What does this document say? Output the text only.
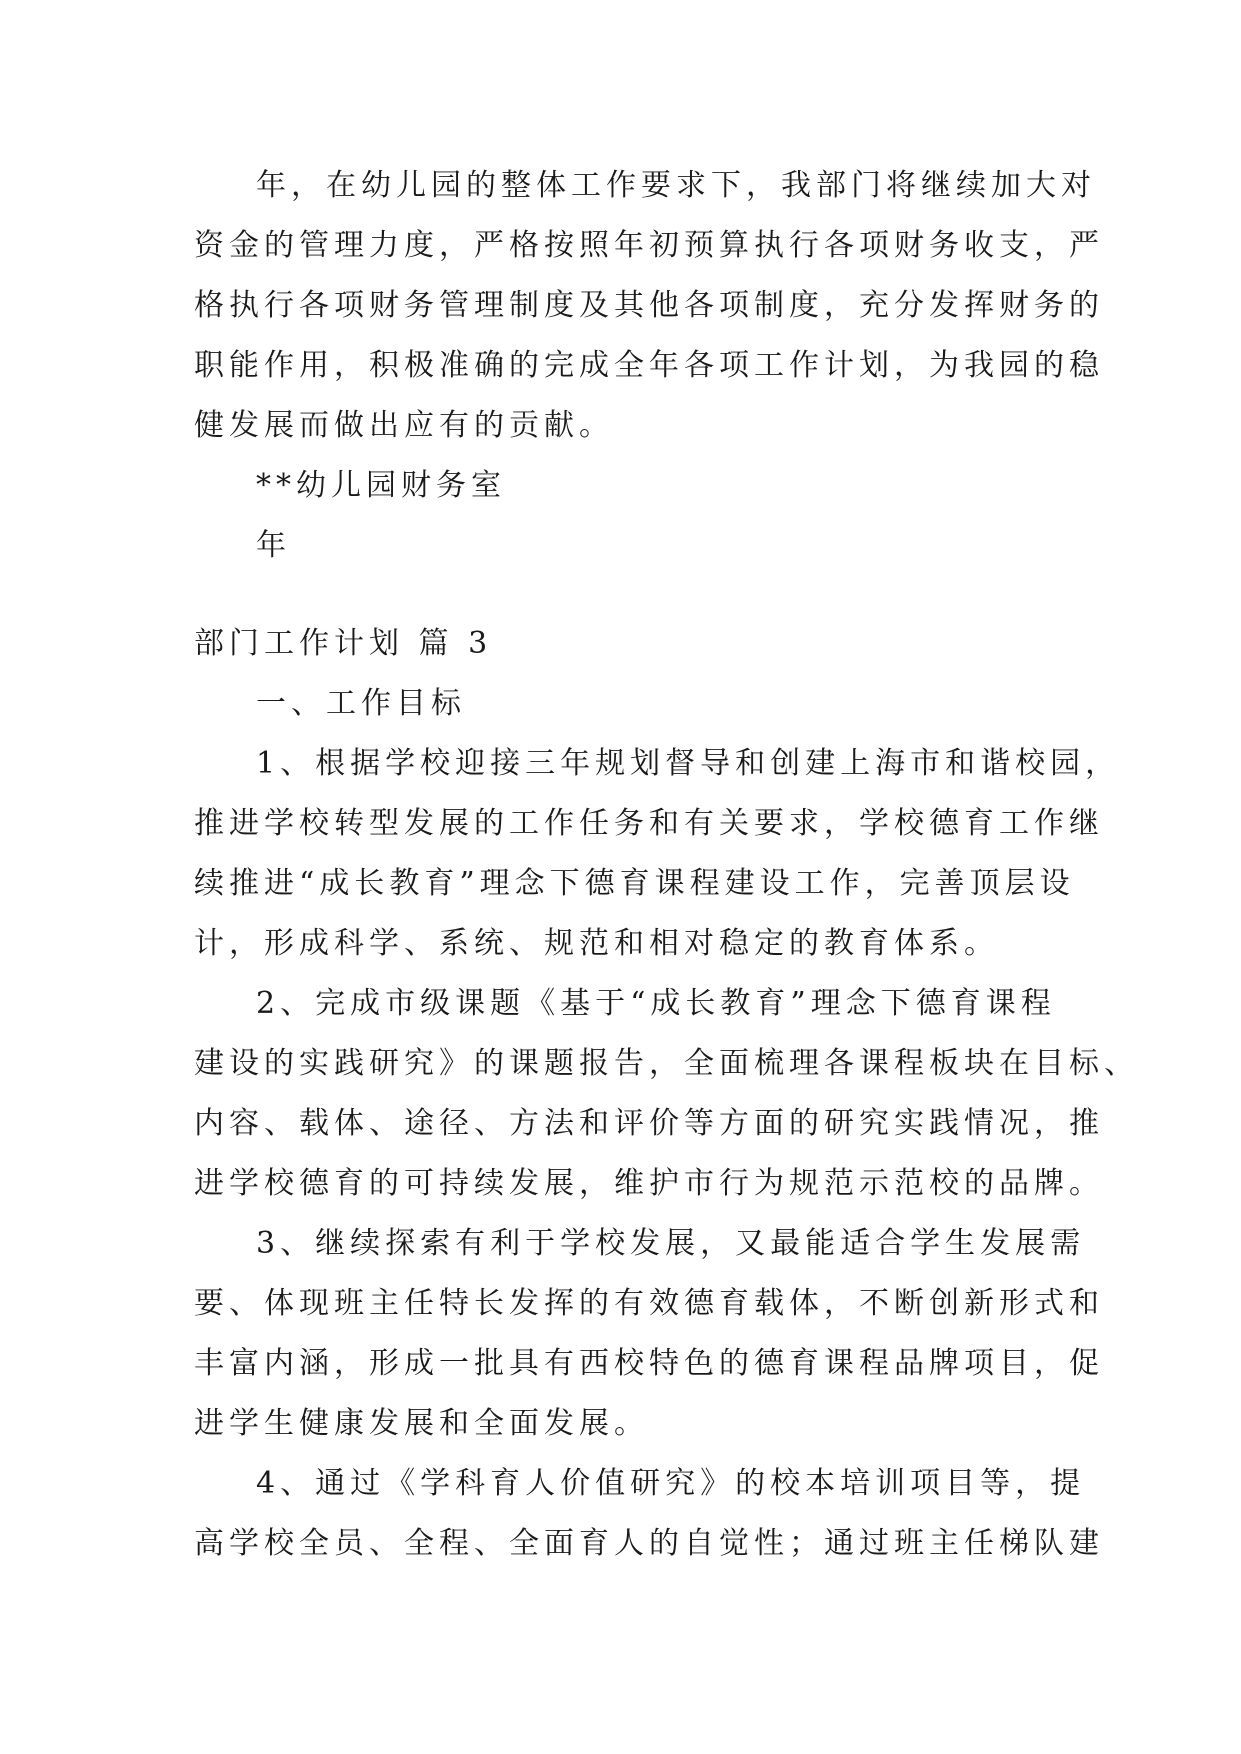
年，在幼儿园的整体工作要求下，我部门将继续加大对
资金的管理力度，严格按照年初预算执行各项财务收支，严
格执行各项财务管理制度及其他各项制度，充分发挥财务的
职能作用，积极准确的完成全年各项工作计划，为我园的稳
健发展而做出应有的贡献。
**幼儿园财务室
年
部门工作计划 篇 3
一、工作目标
1、根据学校迎接三年规划督导和创建上海市和谐校园，
推进学校转型发展的工作任务和有关要求，学校德育工作继
续推进“成长教育”理念下德育课程建设工作，完善顶层设
计，形成科学、系统、规范和相对稳定的教育体系。
2、完成市级课题《基于“成长教育”理念下德育课程
建设的实践研究》的课题报告，全面梳理各课程板块在目标、
内容、载体、途径、方法和评价等方面的研究实践情况，推
进学校德育的可持续发展，维护市行为规范示范校的品牌。
3、继续探索有利于学校发展，又最能适合学生发展需
要、体现班主任特长发挥的有效德育载体，不断创新形式和
丰富内涵，形成一批具有西校特色的德育课程品牌项目，促
进学生健康发展和全面发展。
4、通过《学科育人价值研究》的校本培训项目等，提
高学校全员、全程、全面育人的自觉性；通过班主任梯队建
